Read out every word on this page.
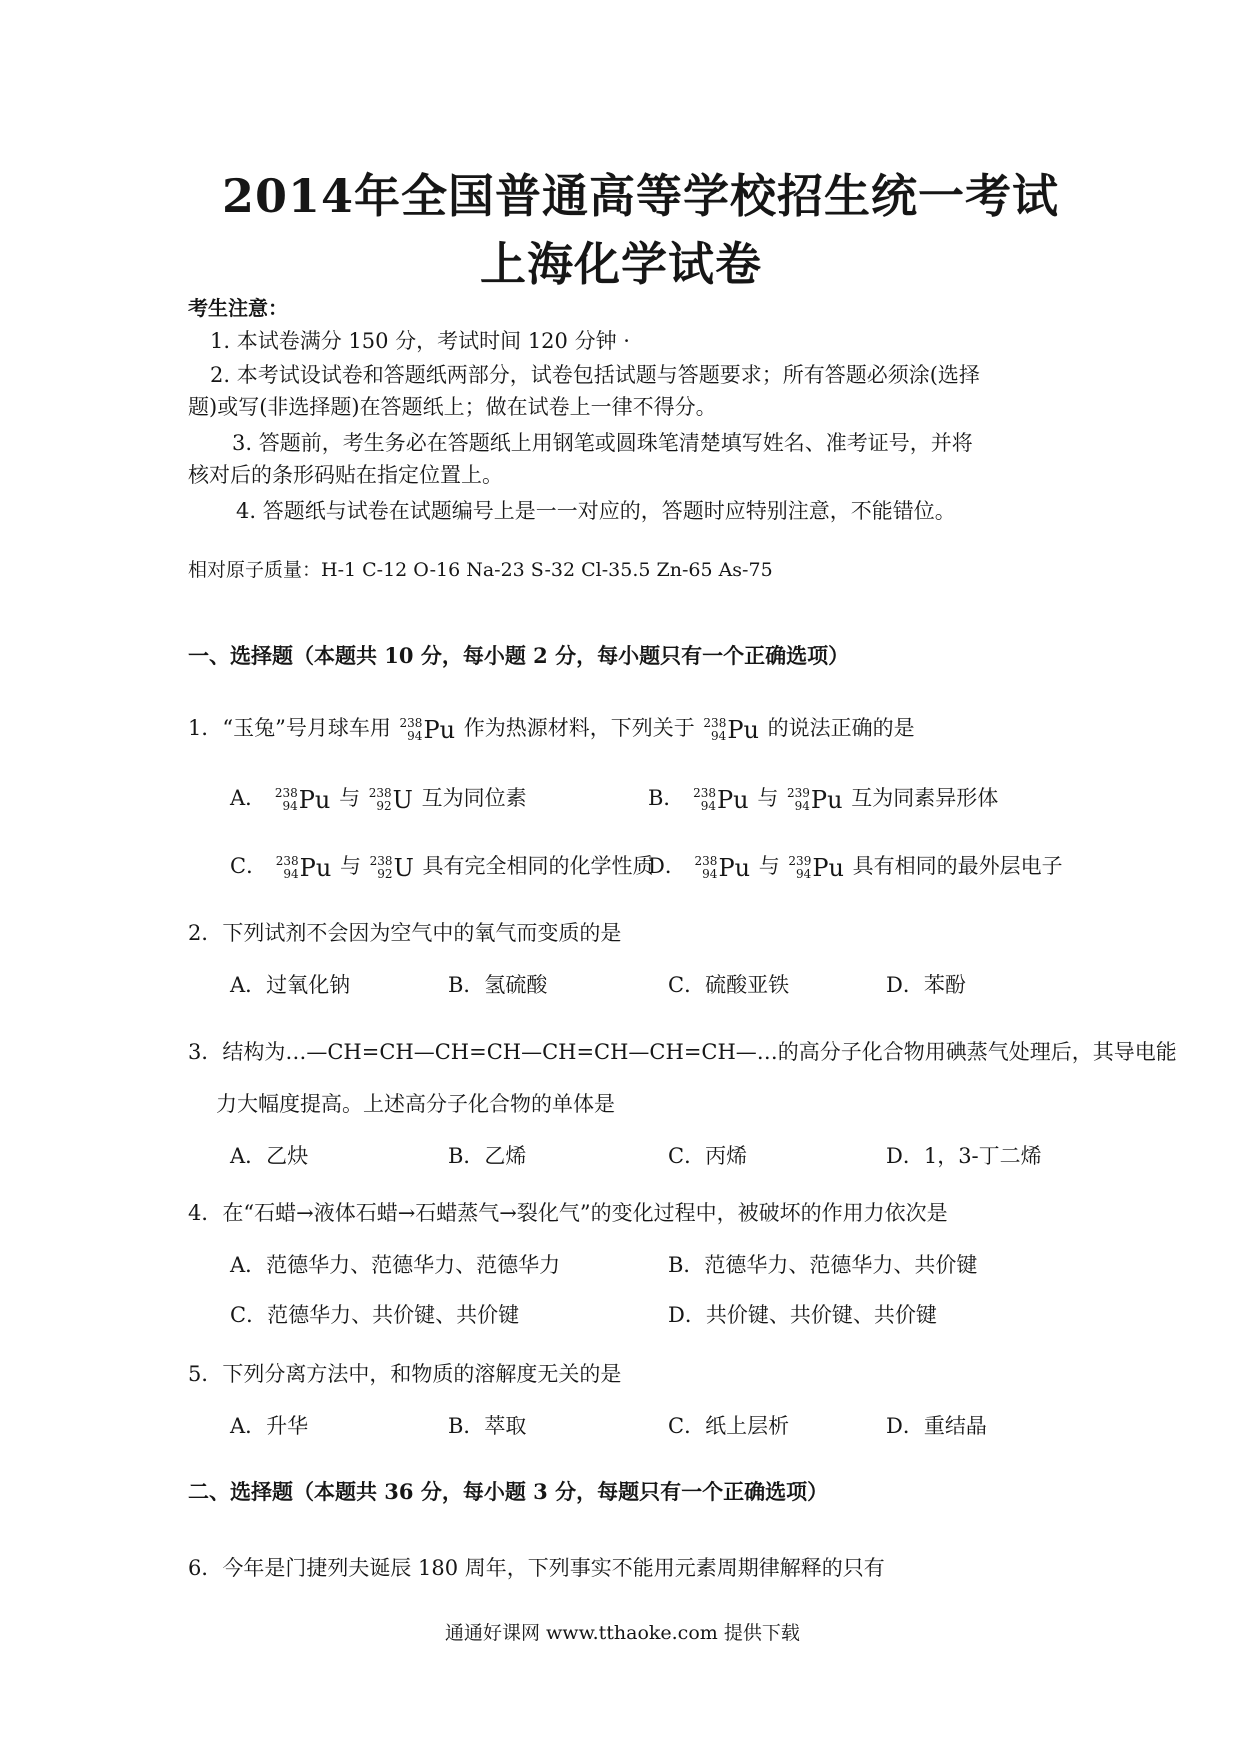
2014年全国普通高等学校招生统一考试
上海化学试卷
考生注意：
1. 本试卷满分 150 分，考试时间 120 分钟 ·
2. 本考试设试卷和答题纸两部分，试卷包括试题与答题要求；所有答题必须涂(选择
题)或写(非选择题)在答题纸上；做在试卷上一律不得分。
3. 答题前，考生务必在答题纸上用钢笔或圆珠笔清楚填写姓名、准考证号，并将
核对后的条形码贴在指定位置上。
4. 答题纸与试卷在试题编号上是一一对应的，答题时应特别注意，不能错位。
相对原子质量：H-1 C-12 O-16 Na-23 S-32 Cl-35.5 Zn-65 As-75
一、选择题（本题共 10 分，每小题 2 分，每小题只有一个正确选项）
1．“玉兔”号月球车用 238
94 Pu 作为热源材料，下列关于 238
94 Pu 的说法正确的是
A． 238
94 Pu 与 238
92 U 互为同位素	B． 238
94 Pu 与 239
94 Pu 互为同素异形体
C． 238
94 Pu 与 238
92 U 具有完全相同的化学性质
D． 238
94 Pu 与 239
94 Pu 具有相同的最外层电子
2．下列试剂不会因为空气中的氧气而变质的是
A．过氧化钠	B．氢硫酸	C．硫酸亚铁	D．苯酚
3．结构为…—CH=CH—CH=CH—CH=CH—CH=CH—…的高分子化合物用碘蒸气处理后，其导电能
力大幅度提高。上述高分子化合物的单体是
A．乙炔	B．乙烯	C．丙烯	D．1，3-丁二烯
4．在“石蜡→液体石蜡→石蜡蒸气→裂化气”的变化过程中，被破坏的作用力依次是
A．范德华力、范德华力、范德华力	B．范德华力、范德华力、共价键
C．范德华力、共价键、共价键	D．共价键、共价键、共价键
5．下列分离方法中，和物质的溶解度无关的是
A．升华	B．萃取	C．纸上层析	D．重结晶
二、选择题（本题共 36 分，每小题 3 分，每题只有一个正确选项）
6．今年是门捷列夫诞辰 180 周年，下列事实不能用元素周期律解释的只有
通通好课网 www.tthaoke.com 提供下载
